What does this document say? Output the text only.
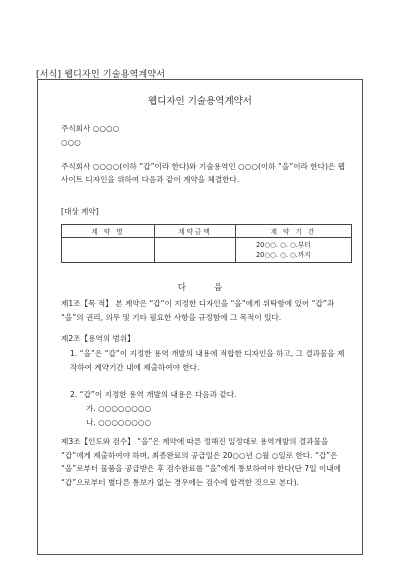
[서식] 웹디자인 기술용역계약서
웹디자인 기술용역계약서
주식회사 ○○○○
○○○
주식회사 ○○○○(이하 “갑”이라 한다)와 기술용역인 ○○○(이하 “을”이라 한다)은 웹사이트 디자인을 위하여 다음과 같이 계약을 체결한다.
[대상 계약]
계 약 명	계약금액	계 약 기 간

		20○○. ○. ○.부터
20○○. ○. ○.까지
다	음
제1조【목 적】 본 계약은 “갑”이 지정한 디자인을 “을”에게 위탁함에 있어 “갑”과 “을”의 권리, 의무 및 기타 필요한 사항을 규정함에 그 목적이 있다.
제2조【용역의 범위】
1. “을”은 “갑”이 지정한 용역 개발의 내용에 적합한 디자인을 하고, 그 결과물을 제작하여 계약기간 내에 제출하여야 한다.
2. “갑”이 지정한 용역 개발의 내용은 다음과 같다.
가. ○○○○○○○○
나. ○○○○○○○○
제3조【인도와 검수】 “을”은 계약에 따른 정해진 일정대로 용역개발의 결과물을 “갑”에게 제출하여야 하며, 최종완료의 공급일은 20○○년 ○월 ○일로 한다. “갑”은 “을”로부터 물품을 공급받은 후 검수완료를 “을”에게 통보하여야 한다(단 7일 이내에 “갑”으로부터 별다른 통보가 없는 경우에는 검수에 합격한 것으로 본다).
